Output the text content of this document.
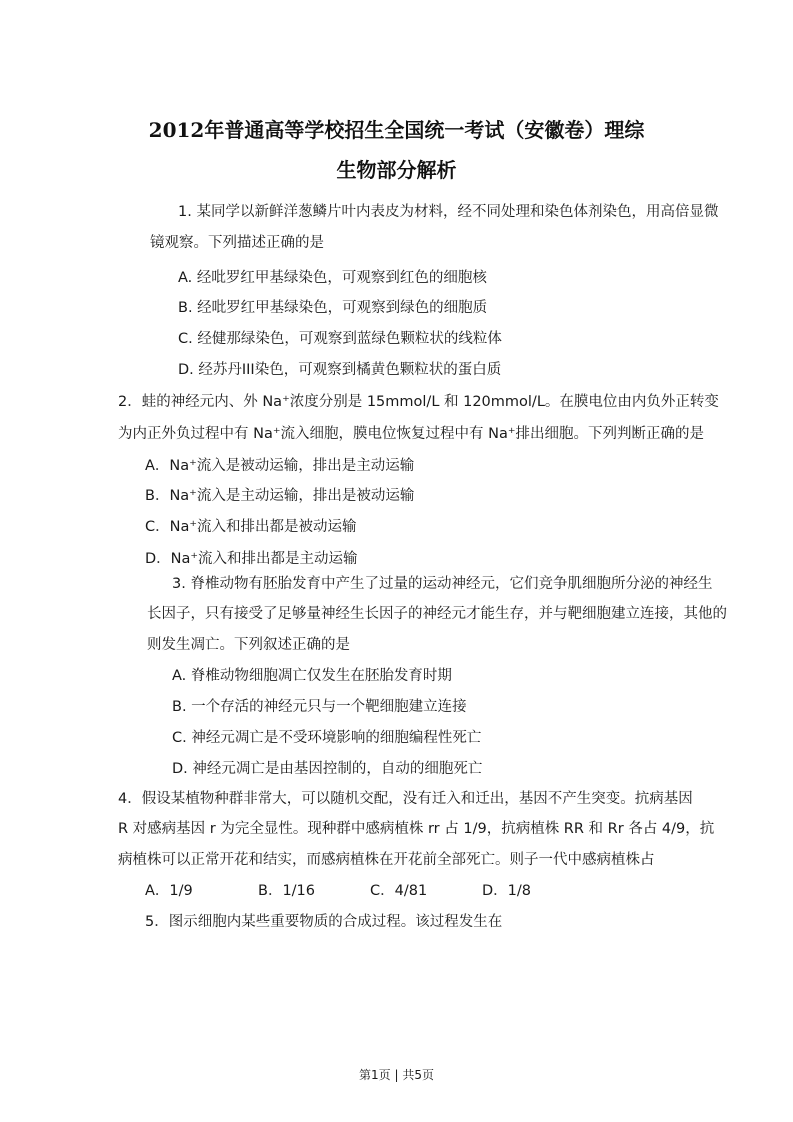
2012年普通高等学校招生全国统一考试（安徽卷）理综
生物部分解析
1. 某同学以新鲜洋葱鳞片叶内表皮为材料，经不同处理和染色体剂染色，用高倍显微
镜观察。下列描述正确的是
A. 经吡罗红甲基绿染色，可观察到红色的细胞核
B. 经吡罗红甲基绿染色，可观察到绿色的细胞质
C. 经健那绿染色，可观察到蓝绿色颗粒状的线粒体
D. 经苏丹III染色，可观察到橘黄色颗粒状的蛋白质
2．蛙的神经元内、外 Na⁺浓度分别是 15mmol/L 和 120mmol/L。在膜电位由内负外正转变
为内正外负过程中有 Na⁺流入细胞，膜电位恢复过程中有 Na⁺排出细胞。下列判断正确的是
A．Na⁺流入是被动运输，排出是主动运输
B．Na⁺流入是主动运输，排出是被动运输
C．Na⁺流入和排出都是被动运输
D．Na⁺流入和排出都是主动运输
3. 脊椎动物有胚胎发育中产生了过量的运动神经元，它们竞争肌细胞所分泌的神经生
长因子，只有接受了足够量神经生长因子的神经元才能生存，并与靶细胞建立连接，其他的
则发生凋亡。下列叙述正确的是
A. 脊椎动物细胞凋亡仅发生在胚胎发育时期
B. 一个存活的神经元只与一个靶细胞建立连接
C. 神经元凋亡是不受环境影响的细胞编程性死亡
D. 神经元凋亡是由基因控制的，自动的细胞死亡
4．假设某植物种群非常大，可以随机交配，没有迁入和迁出，基因不产生突变。抗病基因
R 对感病基因 r 为完全显性。现种群中感病植株 rr 占 1/9，抗病植株 RR 和 Rr 各占 4/9，抗
病植株可以正常开花和结实，而感病植株在开花前全部死亡。则子一代中感病植株占
A．1/9	B．1/16	C．4/81	D．1/8
5．图示细胞内某些重要物质的合成过程。该过程发生在
第1页 | 共5页
